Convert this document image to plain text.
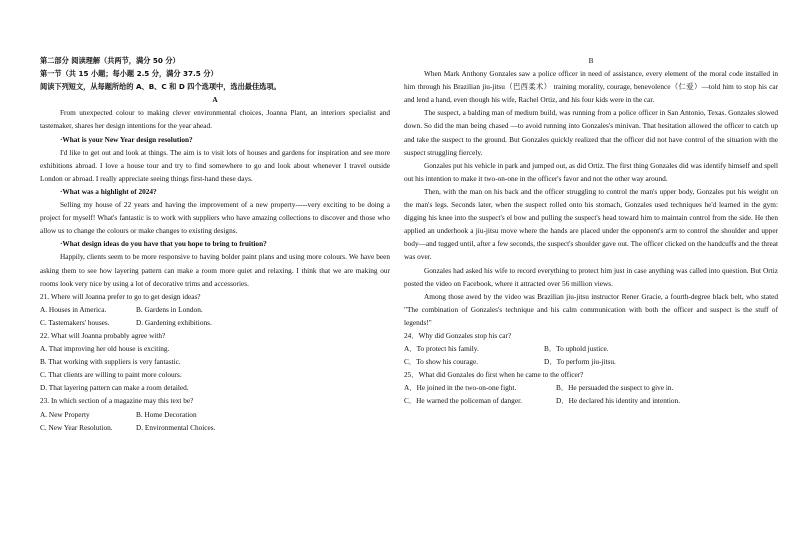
第二部分 阅读理解（共两节，满分 50 分）

第一节（共 15 小题；每小题 2.5 分，满分 37.5 分）

阅读下列短文，从每题所给的 A、B、C 和 D 四个选项中，选出最佳选项。

A

From unexpected colour to making clever environmental choices, Joanna Plant, an interiors specialist and tastemaker, shares her design intentions for the year ahead.

·What is your New Year design resolution?

I'd like to get out and look at things. The aim is to visit lots of houses and gardens for inspiration and see more exhibitions abroad. I love a house tour and try to find somewhere to go and look about whenever I travel outside London or abroad. I really appreciate seeing things first-hand these days.

·What was a highlight of 2024?

Selling my house of 22 years and having the improvement of a new property-----very exciting to be doing a project for myself! What's fantastic is to work with suppliers who have amazing collections to discover and those who allow us to change the colours or make changes to existing designs.

·What design ideas do you have that you hope to bring to fruition?

Happily, clients seem to be more responsive to having bolder paint plans and using more colours. We have been asking them to see how layering pattern can make a room more quiet and relaxing. I think that we are making our rooms look very nice by using a lot of decorative trims and accessories.

21. Where will Joanna prefer to go to get design ideas?

A. Houses in America.	B. Gardens in London.
C. Tastemakers' houses.	D. Gardening exhibitions.

22. What will Joanna probably agree with?

A. That improving her old house is exciting.

B. That working with suppliers is very fantastic.

C. That clients are willing to paint more colours.

D. That layering pattern can make a room detailed.

23. In which section of a magazine may this text be?

A. New Property	B. Home Decoration
C. New Year Resolution.	D. Environmental Choices.

B

When Mark Anthony Gonzales saw a police officer in need of assistance, every element of the moral code installed in him through his Brazilian jiu-jitsu（巴西柔术） training morality, courage, benevolence（仁爱）—told him to stop his car and lend a hand, even though his wife, Rachel Ortiz, and his four kids were in the car.

The suspect, a balding man of medium build, was running from a police officer in San Antonio, Texas. Gonzales slowed down. So did the man being chased —to avoid running into Gonzales's minivan. That hesitation allowed the officer to catch up and take the suspect to the ground. But Gonzales quickly realized that the officer did not have control of the situation with the suspect struggling fiercely.

Gonzales put his vehicle in park and jumped out, as did Ortiz. The first thing Gonzales did was identify himself and spell out his intention to make it two-on-one in the officer's favor and not the other way around.

Then, with the man on his back and the officer struggling to control the man's upper body, Gonzales put his weight on the man's legs. Seconds later, when the suspect rolled onto his stomach, Gonzales used techniques he'd learned in the gym: digging his knee into the suspect's el bow and pulling the suspect's head toward him to maintain control from the side. He then applied an underhook a jiu-jitsu move where the hands are placed under the opponent's arm to control the shoulder and upper body—and tugged until, after a few seconds, the suspect's shoulder gave out. The officer clicked on the handcuffs and the threat was over.

Gonzales had asked his wife to record everything to protect him just in case anything was called into question. But Ortiz posted the video on Facebook, where it attracted over 56 million views.

Among those awed by the video was Brazilian jiu-jitsu instructor Rener Gracie, a fourth-degree black belt, who stated "The combination of Gonzales's technique and his calm communication with both the officer and suspect is the stuff of legends!"

24．Why did Gonzales stop his car?

A．To protect his family.	B．To uphold justice.
C．To show his courage.	D．To perform jiu-jitsu.

25．What did Gonzales do first when he came to the officer?

A．He joined in the two-on-one fight.	B．He persuaded the suspect to give in.
C．He warned the policeman of danger.	D．He declared his identity and intention.
